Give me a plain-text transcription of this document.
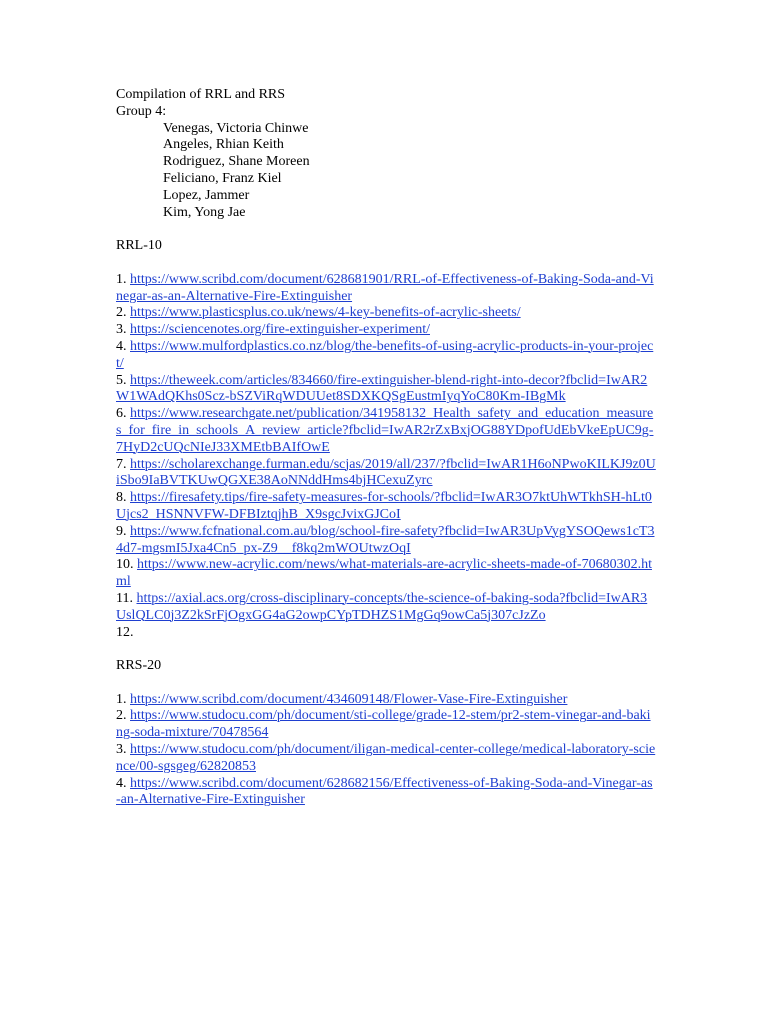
Compilation of RRL and RRS
Group 4:
Venegas, Victoria Chinwe
Angeles, Rhian Keith
Rodriguez, Shane Moreen
Feliciano, Franz Kiel
Lopez, Jammer
Kim, Yong Jae
RRL-10
1. https://www.scribd.com/document/628681901/RRL-of-Effectiveness-of-Baking-Soda-and-Vinegar-as-an-Alternative-Fire-Extinguisher
2. https://www.plasticsplus.co.uk/news/4-key-benefits-of-acrylic-sheets/
3. https://sciencenotes.org/fire-extinguisher-experiment/
4. https://www.mulfordplastics.co.nz/blog/the-benefits-of-using-acrylic-products-in-your-project/
5. https://theweek.com/articles/834660/fire-extinguisher-blend-right-into-decor?fbclid=IwAR2W1WAdQKhs0Scz-bSZViRqWDUUet8SDXKQSgEustmIyqYoC80Km-IBgMk
6. https://www.researchgate.net/publication/341958132_Health_safety_and_education_measures_for_fire_in_schools_A_review_article?fbclid=IwAR2rZxBxjOG88YDpofUdEbVkeEpUC9g-7HyD2cUQcNIeJ33XMEtbBAIfOwE
7. https://scholarexchange.furman.edu/scjas/2019/all/237/?fbclid=IwAR1H6oNPwoKILKJ9z0UiSbo9IaBVTKUwQGXE38AoNNddHms4bjHCexuZyrc
8. https://firesafety.tips/fire-safety-measures-for-schools/?fbclid=IwAR3O7ktUhWTkhSH-hLt0Ujcs2_HSNNVFW-DFBIztqjhB_X9sgcJvixGJCoI
9. https://www.fcfnational.com.au/blog/school-fire-safety?fbclid=IwAR3UpVygYSOQews1cT34d7-mgsmI5Jxa4Cn5_px-Z9__f8kq2mWOUtwzOqI
10. https://www.new-acrylic.com/news/what-materials-are-acrylic-sheets-made-of-70680302.html
11. https://axial.acs.org/cross-disciplinary-concepts/the-science-of-baking-soda?fbclid=IwAR3UslQLC0j3Z2kSrFjOgxGG4aG2owpCYpTDHZS1MgGq9owCa5j307cJzZo
12.
RRS-20
1. https://www.scribd.com/document/434609148/Flower-Vase-Fire-Extinguisher
2. https://www.studocu.com/ph/document/sti-college/grade-12-stem/pr2-stem-vinegar-and-baking-soda-mixture/70478564
3. https://www.studocu.com/ph/document/iligan-medical-center-college/medical-laboratory-science/00-sgsgeg/62820853
4. https://www.scribd.com/document/628682156/Effectiveness-of-Baking-Soda-and-Vinegar-as-an-Alternative-Fire-Extinguisher
